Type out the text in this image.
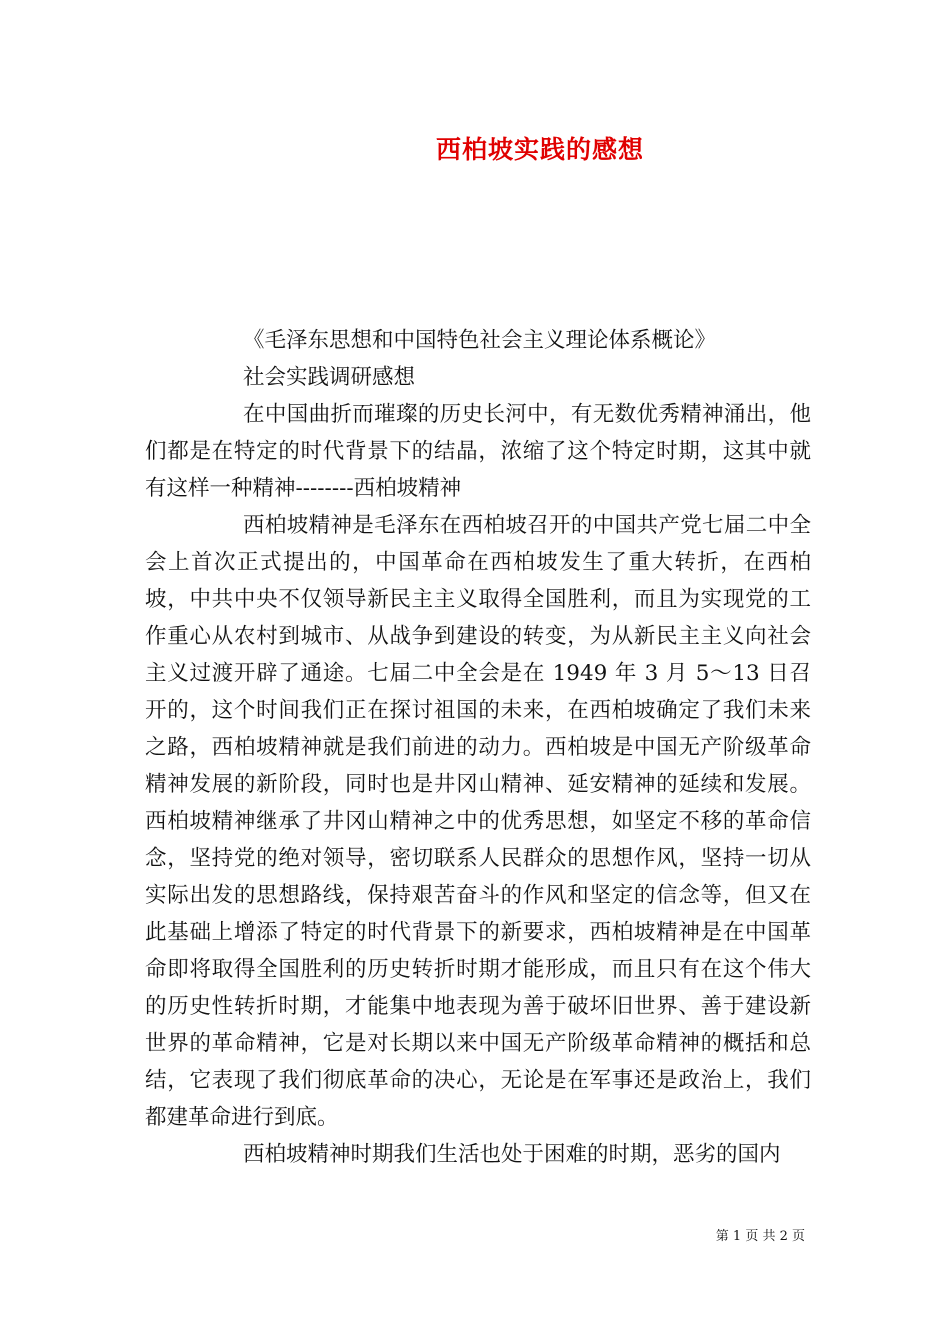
西柏坡实践的感想

《毛泽东思想和中国特色社会主义理论体系概论》

社会实践调研感想

在中国曲折而璀璨的历史长河中，有无数优秀精神涌出，他们都是在特定的时代背景下的结晶，浓缩了这个特定时期，这其中就有这样一种精神--------西柏坡精神

西柏坡精神是毛泽东在西柏坡召开的中国共产党七届二中全会上首次正式提出的，中国革命在西柏坡发生了重大转折，在西柏坡，中共中央不仅领导新民主主义取得全国胜利，而且为实现党的工作重心从农村到城市、从战争到建设的转变，为从新民主主义向社会主义过渡开辟了通途。七届二中全会是在 1949 年 3 月 5～13 日召开的，这个时间我们正在探讨祖国的未来，在西柏坡确定了我们未来之路，西柏坡精神就是我们前进的动力。西柏坡是中国无产阶级革命精神发展的新阶段，同时也是井冈山精神、延安精神的延续和发展。西柏坡精神继承了井冈山精神之中的优秀思想，如坚定不移的革命信念，坚持党的绝对领导，密切联系人民群众的思想作风，坚持一切从实际出发的思想路线，保持艰苦奋斗的作风和坚定的信念等，但又在此基础上增添了特定的时代背景下的新要求，西柏坡精神是在中国革命即将取得全国胜利的历史转折时期才能形成，而且只有在这个伟大的历史性转折时期，才能集中地表现为善于破坏旧世界、善于建设新世界的革命精神，它是对长期以来中国无产阶级革命精神的概括和总结，它表现了我们彻底革命的决心，无论是在军事还是政治上，我们都建革命进行到底。

西柏坡精神时期我们生活也处于困难的时期，恶劣的国内

第 1 页 共 2 页
